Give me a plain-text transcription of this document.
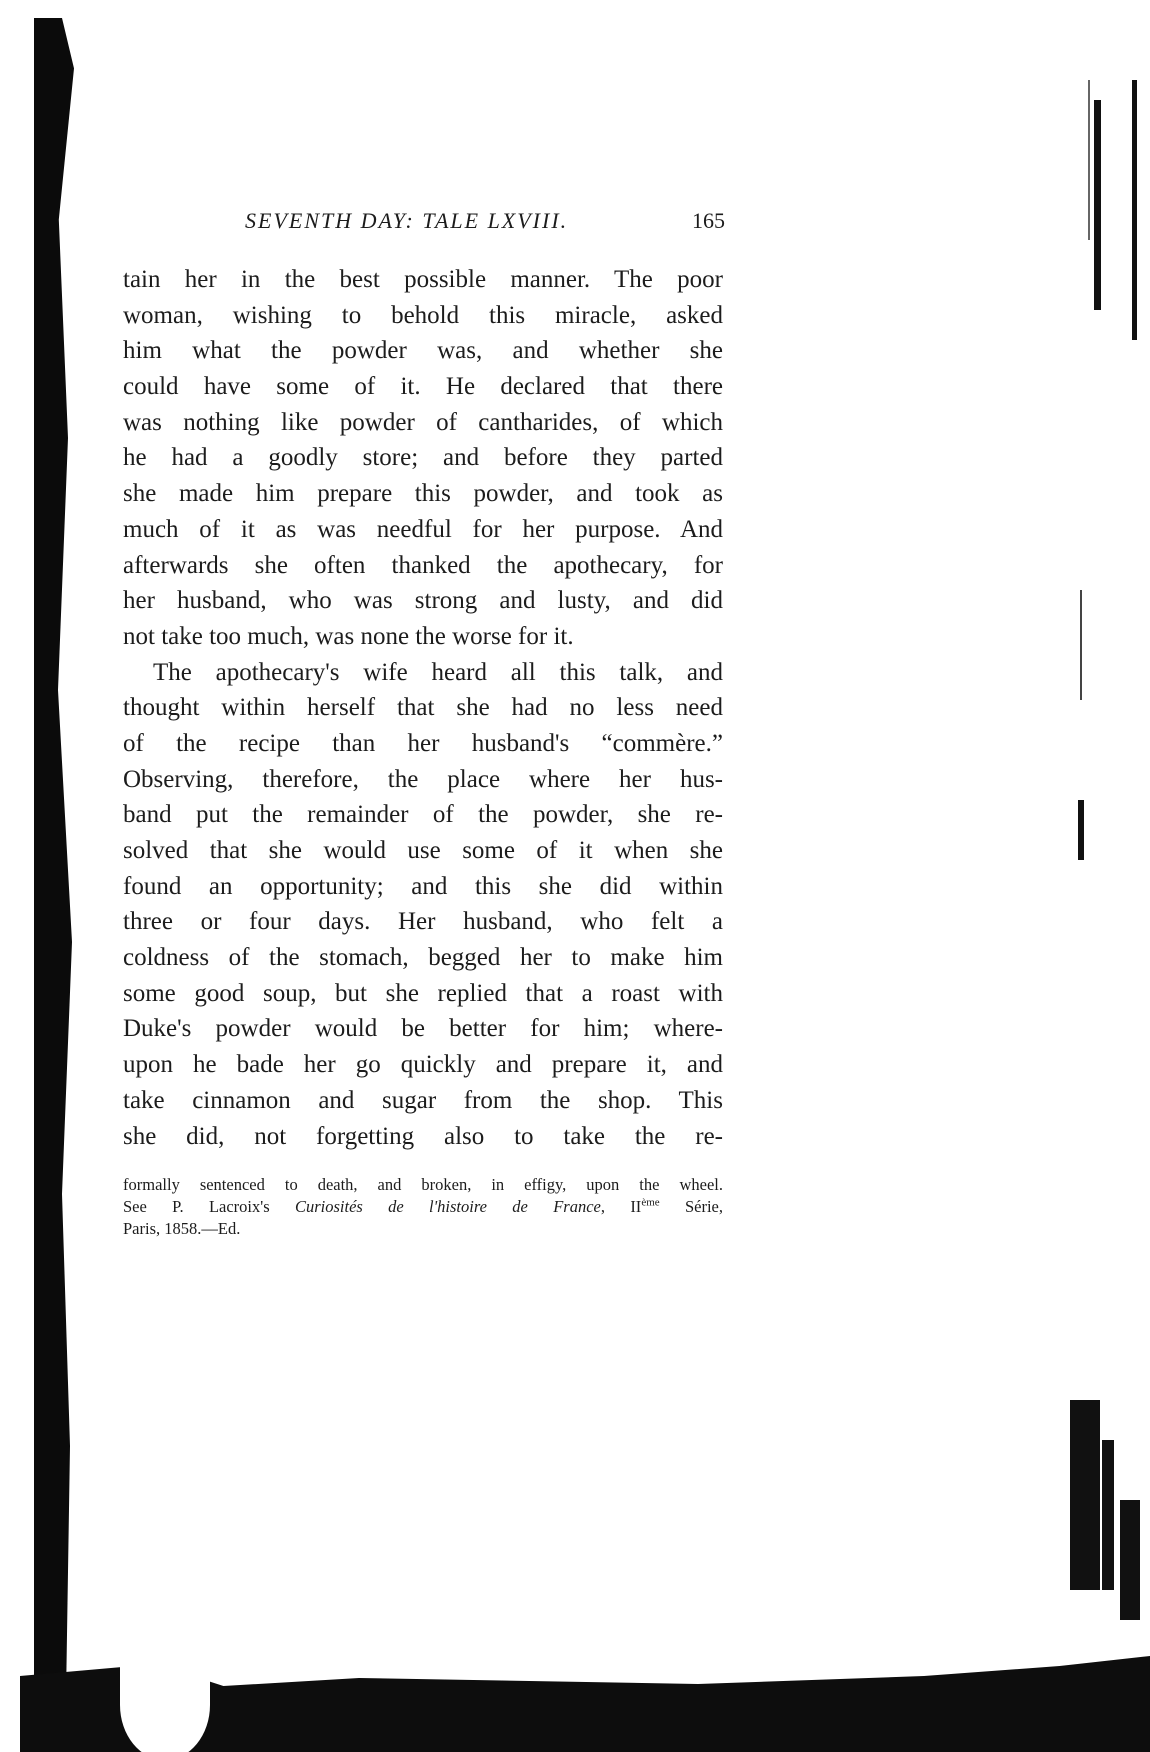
SEVENTH DAY: TALE LXVIII.	165
tain her in the best possible manner. The poor
woman, wishing to behold this miracle, asked
him what the powder was, and whether she
could have some of it. He declared that there
was nothing like powder of cantharides, of which
he had a goodly store; and before they parted
she made him prepare this powder, and took as
much of it as was needful for her purpose. And
afterwards she often thanked the apothecary, for
her husband, who was strong and lusty, and did
not take too much, was none the worse for it.
The apothecary's wife heard all this talk, and
thought within herself that she had no less need
of the recipe than her husband's “commère.”
Observing, therefore, the place where her hus-
band put the remainder of the powder, she re-
solved that she would use some of it when she
found an opportunity; and this she did within
three or four days. Her husband, who felt a
coldness of the stomach, begged her to make him
some good soup, but she replied that a roast with
Duke's powder would be better for him; where-
upon he bade her go quickly and prepare it, and
take cinnamon and sugar from the shop. This
she did, not forgetting also to take the re-
formally sentenced to death, and broken, in effigy, upon the wheel.
See P. Lacroix's Curiosités de l'histoire de France, IIème Série,
Paris, 1858.—Ed.
